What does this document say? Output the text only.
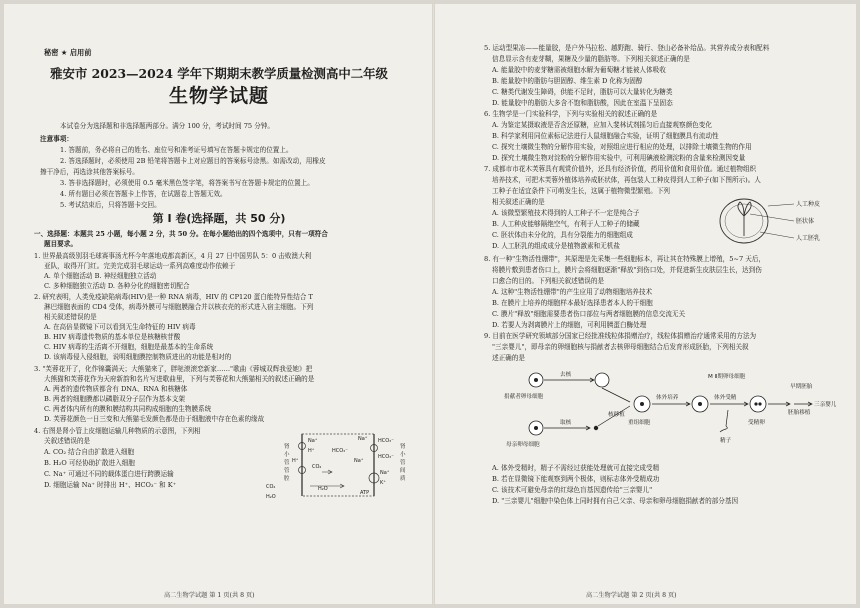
秘密 ★ 启用前
雅安市 2023—2024 学年下期期末教学质量检测高中二年级
生物学试题
本试卷分为选择题和非选择题两部分。满分 100 分，考试时间 75 分钟。
注意事项：
1. 答题前，务必将自己的姓名、座位号和准考证号填写在答题卡规定的位置上。
2. 答选择题时，必须使用 2B 铅笔将答题卡上对应题目的答案标号涂黑。如需改动，用橡皮
擦干净后，再选涂其他答案标号。
3. 答非选择题时，必须使用 0.5 毫米黑色签字笔，将答案书写在答题卡规定的位置上。
4. 所有题目必须在答题卡上作答，在试题卷上答题无效。
5. 考试结束后，只将答题卡交回。
第 Ⅰ 卷(选择题，共 50 分)
一、选择题：本题共 25 小题，每小题 2 分，共 50 分。在每小题给出的四个选项中，只有一项符合
题目要求。
1. 世界最高级别羽毛球赛事汤尤杯今年落地成都高新区，4 月 27 日中国男队 5：0 击败澳大利
亚队，取得开门红。完美完成羽毛球运动一系列高难度动作依赖于
A. 单个细胞活动 B. 神经细胞独立活动
C. 多种细胞独立活动 D. 各种分化的细胞密切配合
2. 研究表明，人类免疫缺陷病毒(HIV)是一种 RNA 病毒，HIV 的 CP120 蛋白能特异性结合 T
淋巴细胞表面的 CD4 受体，病毒外膜可与细胞膜融合并以核衣壳的形式进入宿主细胞。下列
相关叙述错误的是
A. 在高倍显微镜下可以看到无生命特征的 HIV 病毒
B. HIV 病毒遗传物质的基本单位是核糖核苷酸
C. HIV 病毒的生活离不开细胞，细胞是最基本的生命系统
D. 该病毒侵入侵细胞，说明细胞膜控制物质进出的功能是相对的
3. "芙蓉花开了，化作锦囊满天；大熊猫来了，胖哒滚滚恋新家……"歌曲《蓉城双辉我爱她》把
大熊猫和芙蓉花作为天府新韵和名片写进歌曲里，下列与芙蓉花和大熊猫相关的叙述正确的是
A. 两者的遗传物质都含有 DNA、RNA 和核糖体
B. 两者的细胞膜都以磷脂双分子层作为基本支架
C. 两者体内所有的膜和膜结构共同构成细胞的生物膜系统
D. 芙蓉花颜色一日三变和大熊猫毛发颜色都是由于细胞液中存在色素的缘故
4. 右图是肾小管上皮细胞运输几种物质的示意图，下列相
关叙述错误的是
A. CO₂ 结合自由扩散进入细胞
B. H₂O 可经协助扩散进入细胞
C. Na⁺ 可通过不同的载体蛋白进行跨膜运输
D. 细胞运输 Na⁺ 时排出 H⁺、HCO₃⁻ 和 K⁺
肾
小
管
管
腔
肾
小
管
间
质
Na⁺
H⁺
H⁺
HCO₃⁻
CO₂
Na⁺ HCO₃⁻
Na⁺
HCO₃⁻
K⁺
ATP
H₂O
CO₂
H₂O
Na⁺
高二生物学试题 第 1 页(共 8 页)
5. 运动型果冻——能量胶，是户外马拉松、越野跑、骑行、登山必备补给品。其营养成分表和配料
信息显示含有麦芽糊，果糖及少量的脂肪等。下列相关叙述正确的是
A. 能量胶中的麦芽糖需被细胞水解为葡萄糖才能被人体吸收
B. 能量胶中的脂肪与胆固醇、维生素 D 化称为固醇
C. 糖类代谢发生障碍，供能不足时，脂肪可以大量转化为糖类
D. 能量胶中的脂肪大多含不饱和脂肪酸，因此在室温下呈固态
6. 生物学是一门实验科学，下列与实验相关的叙述正确的是
A. 为鉴定某摄取液是否含还原糖，应加入斐林试剂摇匀后直接观察颜色变化
B. 科学家利用同位素标记法进行人鼠细胞融合实验，证明了细胞膜具有流动性
C. 探究土壤微生物的分解作用实验，对照组应进行相应的处理，以排除土壤微生物的作用
D. 探究土壤微生物对淀粉的分解作用实验中，可利用碘液检测淀粉的含量来检测因变量
7. 成都市市花木芙蓉具有观赏价值外，还具有经济价值，药用价值和食用价值。通过植物组织
培养技术，可把木芙蓉外植体培养成胚状体，再包装人工种皮得到人工种子(如下图所示)。人
工种子在适宜条件下可萌发生长，这属于植物微型繁殖。下列
相关叙述正确的是
A. 该微型繁殖技术得到的人工种子不一定是纯合子
B. 人工种皮能够隔绝空气，有利于人工种子的储藏
C. 胚状体由未分化的，具有分裂能力的细胞组成
D. 人工胚乳的组成成分是植物激素和无机盐
人工种皮
胚状体
人工胚乳
8. 有一种"生物活性绷带"，其原理是先采集一些细胞标本，再让其在特殊膜上增殖，5~7 天后，
将膜片敷到患者伤口上，膜片会将细胞逐渐"释放"到伤口处，并促进新生皮肤层生长，达到伤
口愈合的目的。下列相关叙述错误的是
A. 这种"生物活性绷带"的产生应用了动物细胞培养技术
B. 在膜片上培养的细胞样本最好选择患者本人的干细胞
C. 膜片"释放"细胞需要患者伤口部位与两者细胞膜的信息交流无关
D. 若要人为剥离膜片上的细胞，可利用胰蛋白酶处理
9. 目前在医学研究领域部分国家已经批准线粒体捐赠治疗，线粒体捐赠治疗通常采用的方法为
"三亲婴儿"，即母亲的卵细胞核与捐献者去核卵母细胞结合后发育形成胚胎，下列相关叙
述正确的是
捐献者卵母细胞
去核
母亲卵母细胞
取核
核移植
重组细胞
体外培养
M Ⅱ期卵母细胞
体外受精
精子
受精卵
早期胚胎
胚胎移植
三亲婴儿
A. 体外受精时，精子不需经过获能处理就可直接完成受精
B. 若在显微镜下能观察到两个极体，则标志体外受精成功
C. 该技术可避免母亲的红绿色盲基因遗传给"三亲婴儿"
D. "三亲婴儿"细胞中染色体上同时拥有自己父亲、母亲和卵母细胞捐献者的部分基因
高二生物学试题 第 2 页(共 8 页)
